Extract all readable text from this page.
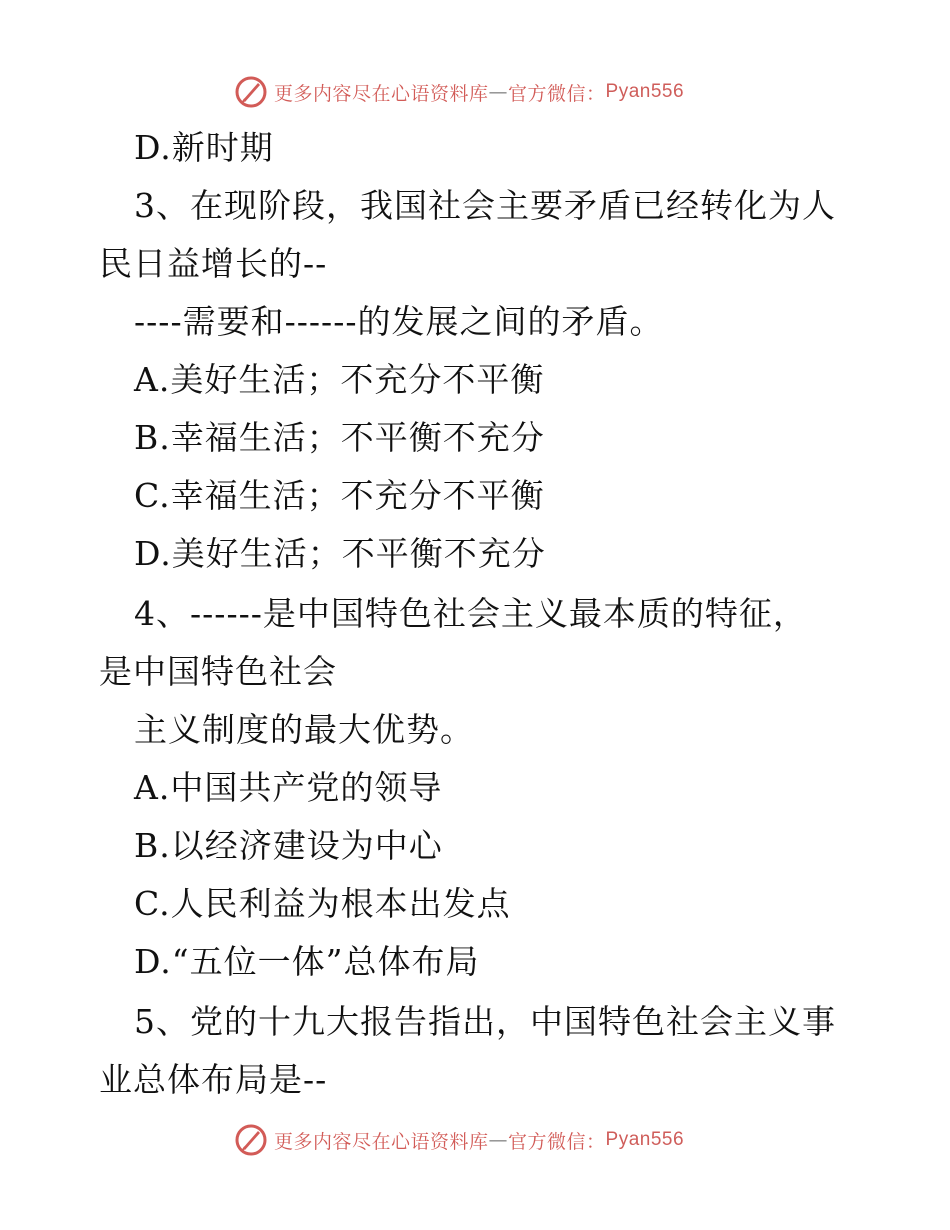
更多内容尽在心语资料库 — 官方微信： Pyan556
D.新时期
3、在现阶段，我国社会主要矛盾已经转化为人
民日益增长的--
----需要和------的发展之间的矛盾。
A.美好生活；不充分不平衡
B.幸福生活；不平衡不充分
C.幸福生活；不充分不平衡
D.美好生活；不平衡不充分
4、------是中国特色社会主义最本质的特征，
是中国特色社会
主义制度的最大优势。
A.中国共产党的领导
B.以经济建设为中心
C.人民利益为根本出发点
D.“五位一体”总体布局
5、党的十九大报告指出，中国特色社会主义事
业总体布局是--
更多内容尽在心语资料库 — 官方微信： Pyan556
